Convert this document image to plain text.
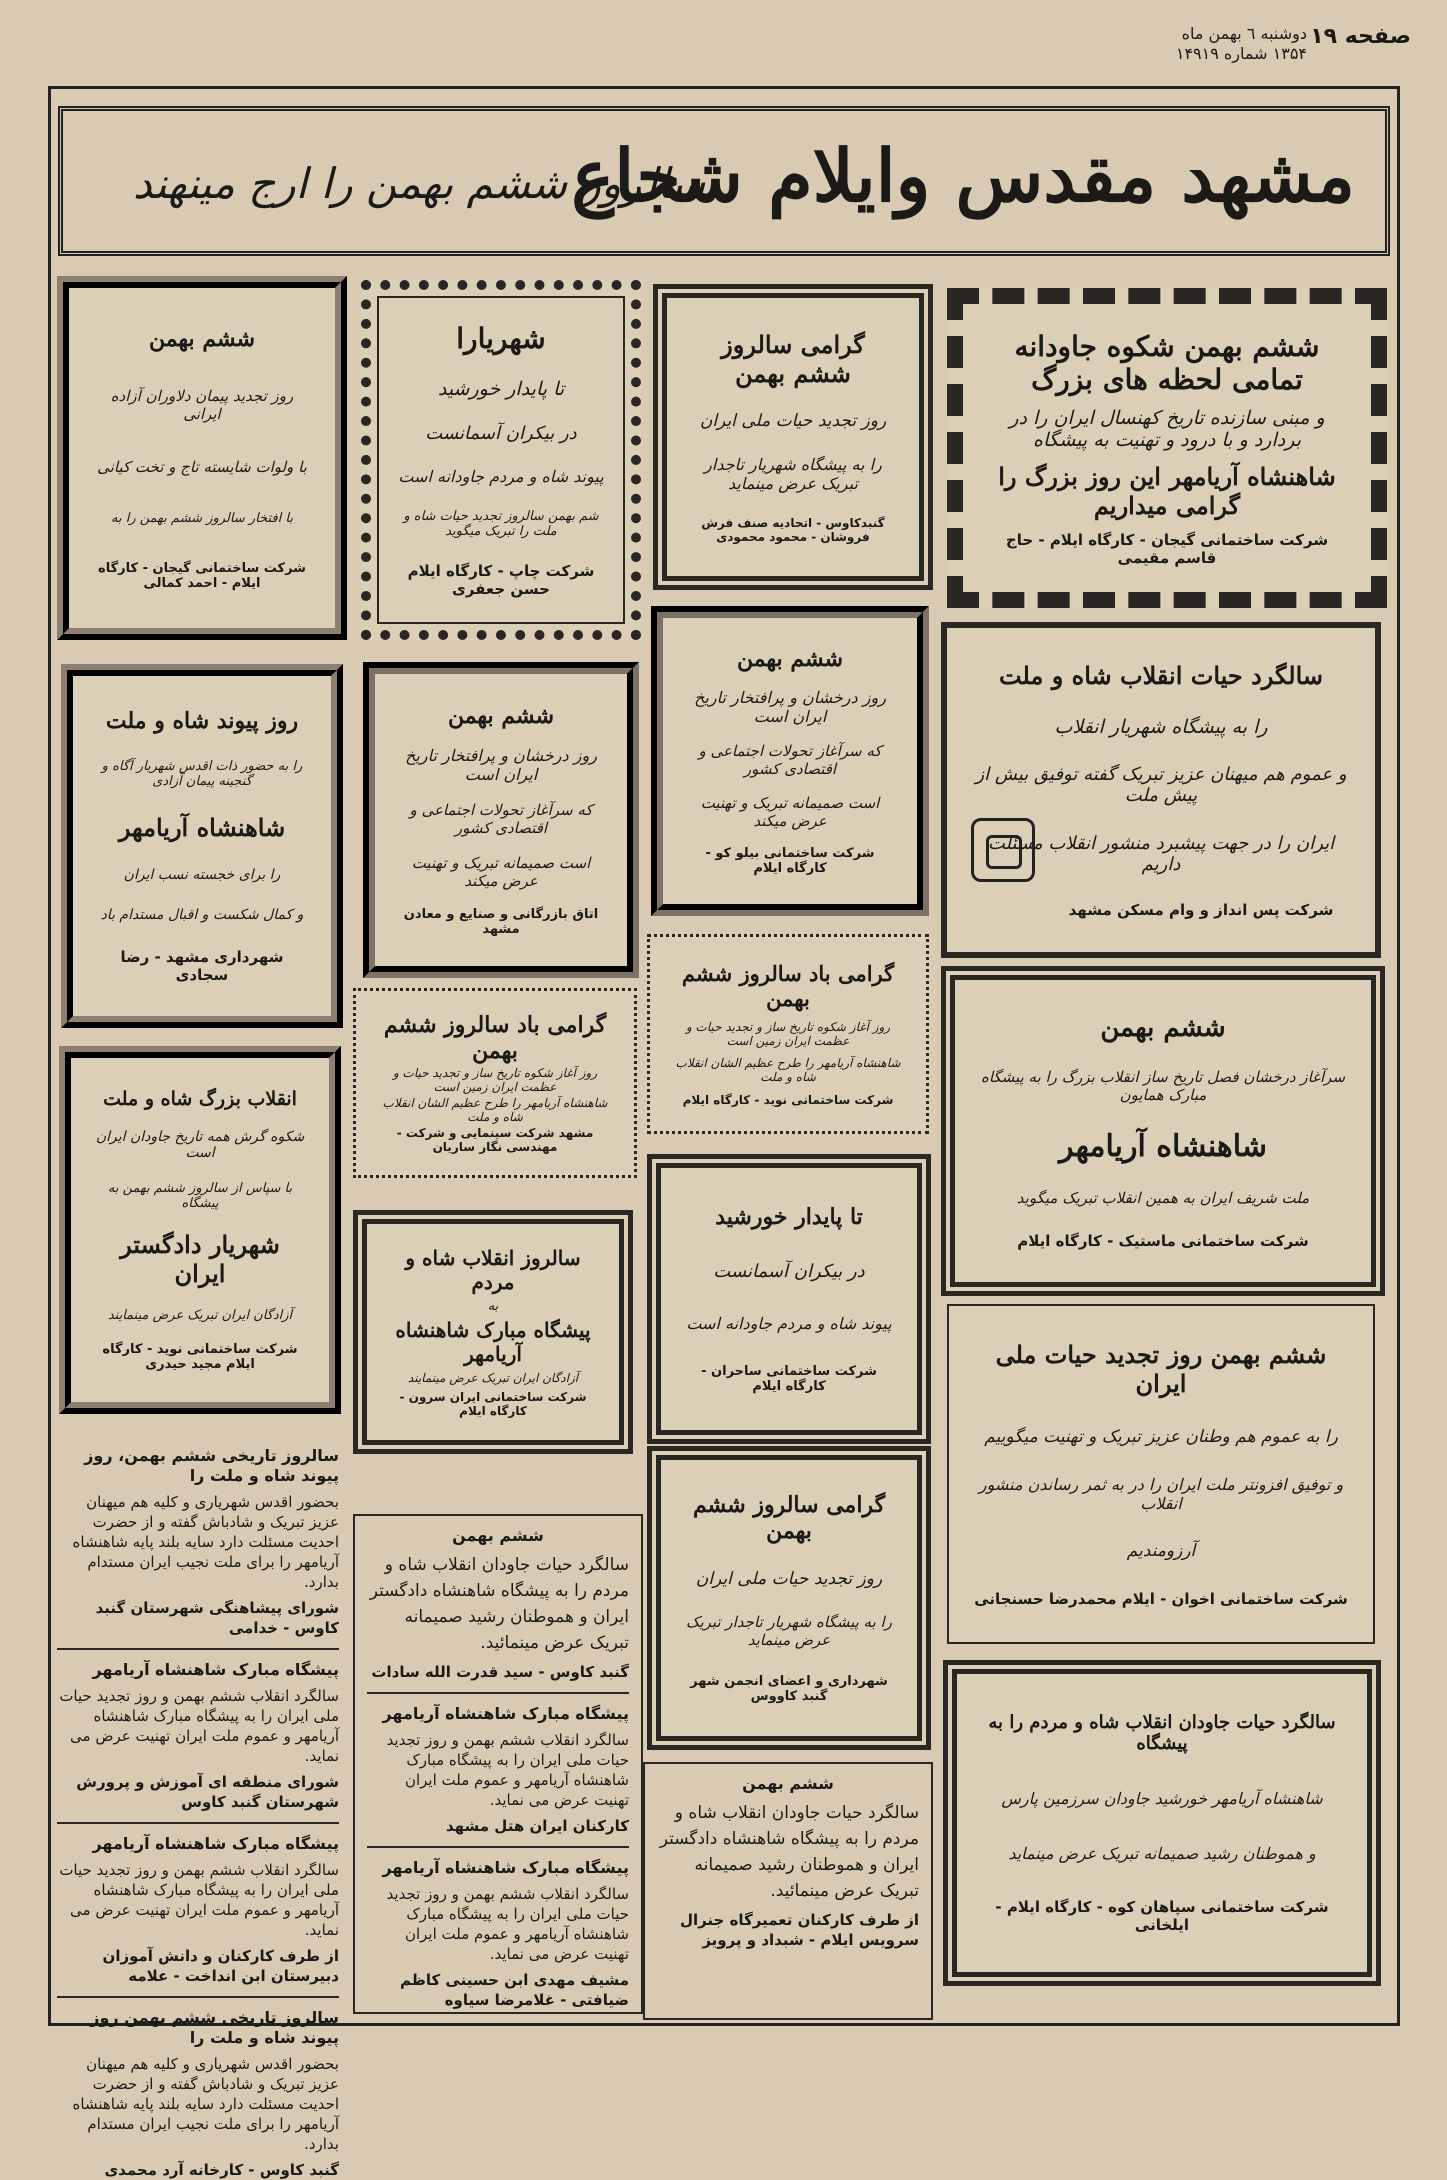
صفحه ۱۹
دوشنبه ٦ بهمن ماه
۱۳۵۴ شماره ۱۴۹۱۹
مشهد مقدس وایلام شجاع
سالروز ششم بهمن را ارج مینهند
ششم بهمن شکوه جاودانه تمامی لحظه های بزرگ
و مبنی سازنده تاریخ کهنسال ایران را در بردارد و با درود و تهنیت به پیشگاه
شاهنشاه آریامهر این روز بزرگ را گرامی میداریم
شرکت ساختمانی گیجان - کارگاه ایلام - حاج قاسم مقیمی
گرامی سالروز ششم بهمن
روز تجدید حیات ملی ایران
را به پیشگاه شهریار تاجدار تبریک عرض مینماید
گنبدکاوس - اتحادیه صنف فرش فروشان - محمود محمودی
شهریارا
تا پایدار خورشید
در بیکران آسمانست
پیوند شاه و مردم جاودانه است
شم بهمن سالروز تجدید حیات شاه و ملت را تبریک میگوید
شرکت چاپ - کارگاه ایلام حسن جعفری
ششم بهمن
روز تجدید پیمان دلاوران آزاده ایرانی
با ولوات شایسته تاج و تخت کیانی
با افتخار سالروز ششم بهمن را به
شرکت ساختمانی گیجان - کارگاه ایلام - احمد کمالی
سالگرد حیات انقلاب شاه و ملت
را به پیشگاه شهریار انقلاب
و عموم هم میهنان عزیز تبریک گفته توفیق بیش از پیش ملت
ایران را در جهت پیشبرد منشور انقلاب مسئلت داریم
شرکت پس انداز و وام مسکن مشهد
ششم بهمن
روز درخشان و پرافتخار تاریخ ایران است
که سرآغاز تحولات اجتماعی و اقتصادی کشور
است صمیمانه تبریک و تهنیت عرض میکند
شرکت ساختمانی بیلو کو - کارگاه ایلام
ششم بهمن
روز درخشان و پرافتخار تاریخ ایران است
که سرآغاز تحولات اجتماعی و اقتصادی کشور
است صمیمانه تبریک و تهنیت عرض میکند
اتاق بازرگانی و صنایع و معادن مشهد
روز پیوند شاه و ملت
را به حضور ذات اقدس شهریار آگاه و گنجینه پیمان آزادی
شاهنشاه آریامهر
را برای خجسته نسب ایران
و کمال شکست و اقبال مستدام باد
شهرداری مشهد - رضا سجادی
ششم بهمن
سرآغاز درخشان فصل تاریخ ساز انقلاب بزرگ را به پیشگاه مبارک همایون
شاهنشاه آریامهر
ملت شریف ایران به همین انقلاب تبریک میگوید
شرکت ساختمانی ماستیک - کارگاه ایلام
گرامی باد سالروز ششم بهمن
روز آغاز شکوه تاریخ ساز و تجدید حیات و عظمت ایران زمین است
شاهنشاه آریامهر را طرح عظیم الشان انقلاب شاه و ملت
شرکت ساختمانی نوید - کارگاه ایلام
گرامی باد سالروز ششم بهمن
روز آغاز شکوه تاریخ ساز و تجدید حیات و عظمت ایران زمین است
شاهنشاه آریامهر را طرح عظیم الشان انقلاب شاه و ملت
مشهد شرکت سینمایی و شرکت - مهندسی نگار ساریان
انقلاب بزرگ شاه و ملت
شکوه گرش همه تاریخ جاودان ایران است
با سپاس از سالروز ششم بهمن به پیشگاه
شهریار دادگستر ایران
آزادگان ایران تبریک عرض مینمایند
شرکت ساختمانی نوید - کارگاه ایلام مجید حیدری
تا پایدار خورشید
در بیکران آسمانست
پیوند شاه و مردم جاودانه است
شرکت ساختمانی ساحران - کارگاه ایلام
سالروز انقلاب شاه و مردم
به
پیشگاه مبارک شاهنشاه آریامهر
آزادگان ایران تبریک عرض مینمایند
شرکت ساختمانی ایران سرون - کارگاه ایلام
ششم بهمن روز تجدید حیات ملی ایران
را به عموم هم وطنان عزیز تبریک و تهنیت میگوییم
و توفیق افزونتر ملت ایران را در به ثمر رساندن منشور انقلاب
آرزومندیم
شرکت ساختمانی اخوان - ایلام محمدرضا حسنجانی
گرامی سالروز ششم بهمن
روز تجدید حیات ملی ایران
را به پیشگاه شهریار تاجدار تبریک عرض مینماید
شهرداری و اعضای انجمن شهر گنبد کاووس
سالگرد حیات جاودان انقلاب شاه و مردم را به پیشگاه
شاهنشاه آریامهر خورشید جاودان سرزمین پارس
و هموطنان رشید صمیمانه تبریک عرض مینماید
شرکت ساختمانی سپاهان کوه - کارگاه ایلام - ایلخانی

سالروز تاریخی ششم بهمن، روز پیوند شاه و ملت را

بحضور اقدس شهریاری و کلیه هم میهنان عزیز تبریک و شادباش گفته و از حضرت احدیت مسئلت دارد سایه بلند پایه شاهنشاه آریامهر را برای ملت نجیب ایران مستدام بدارد.

شورای پیشاهنگی شهرستان گنبد کاوس - خدامی

پیشگاه مبارک شاهنشاه آریامهر

سالگرد انقلاب ششم بهمن و روز تجدید حیات ملی ایران را به پیشگاه مبارک شاهنشاه آریامهر و عموم ملت ایران تهنیت عرض می نماید.

شورای منطقه ای آموزش و پرورش شهرستان گنبد کاوس

پیشگاه مبارک شاهنشاه آریامهر

سالگرد انقلاب ششم بهمن و روز تجدید حیات ملی ایران را به پیشگاه مبارک شاهنشاه آریامهر و عموم ملت ایران تهنیت عرض می نماید.

از طرف کارکنان و دانش آموزان دبیرستان ابن انداخت - علامه

سالروز تاریخی ششم بهمن روز پیوند شاه و ملت را

بحضور اقدس شهریاری و کلیه هم میهنان عزیز تبریک و شادباش گفته و از حضرت احدیت مسئلت دارد سایه بلند پایه شاهنشاه آریامهر را برای ملت نجیب ایران مستدام بدارد.

گنبد کاوس - کارخانه آرد محمدی

ششم بهمن

سالگرد حیات جاودان انقلاب شاه و مردم را به پیشگاه شاهنشاه دادگستر ایران و هموطنان رشید صمیمانه تبریک عرض مینمائید.

گنبد کاوس - سید قدرت الله سادات

پیشگاه مبارک شاهنشاه آریامهر

سالگرد انقلاب ششم بهمن و روز تجدید حیات ملی ایران را به پیشگاه مبارک شاهنشاه آریامهر و عموم ملت ایران تهنیت عرض می نماید.

کارکنان ایران هتل مشهد

پیشگاه مبارک شاهنشاه آریامهر

سالگرد انقلاب ششم بهمن و روز تجدید حیات ملی ایران را به پیشگاه مبارک شاهنشاه آریامهر و عموم ملت ایران تهنیت عرض می نماید.

مشیف مهدی ابن حسینی کاظم ضیافتی - غلامرضا سیاوه

ششم بهمن

سالگرد حیات جاودان انقلاب شاه و مردم را به پیشگاه شاهنشاه دادگستر ایران و هموطنان رشید صمیمانه تبریک عرض مینمائید.

از طرف کارکنان تعمیرگاه جنرال سرویس ایلام - شبداد و پرویز
